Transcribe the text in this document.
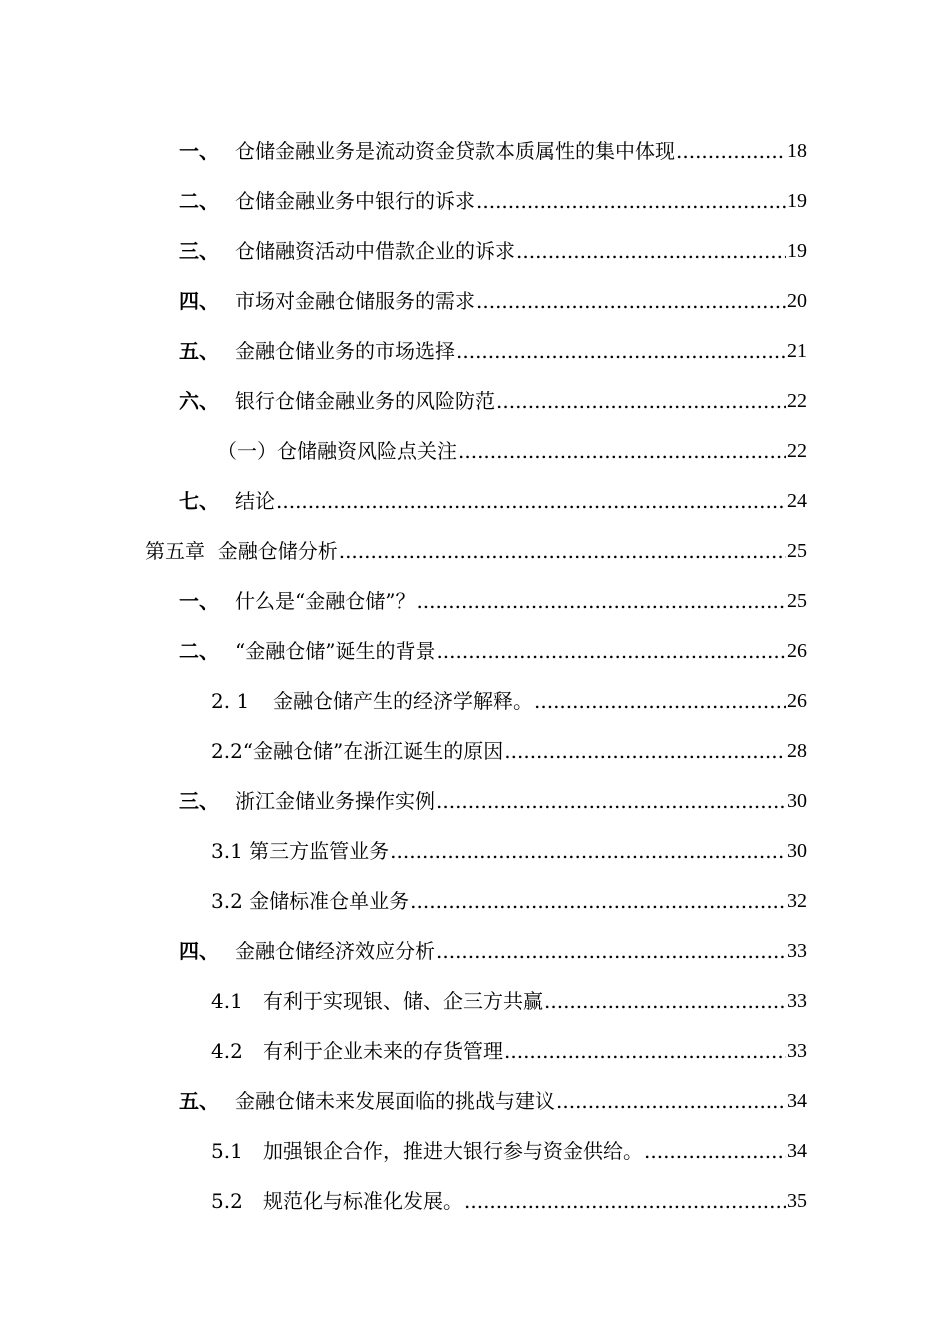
一、 仓储金融业务是流动资金贷款本质属性的集中体现 .....	18
二、 仓储金融业务中银行的诉求 .....	19
三、 仓储融资活动中借款企业的诉求 .....	19
四、 市场对金融仓储服务的需求 .....	20
五、 金融仓储业务的市场选择 .....	21
六、 银行仓储金融业务的风险防范 .....	22
（一）仓储融资风险点关注 .....	22
七、 结论 .....	24
第五章  金融仓储分析 .....	25
一、 什么是“金融仓储”？ .....	25
二、 “金融仓储”诞生的背景 .....	26
2. 1	金融仓储产生的经济学解释。 .....	26
2.2“金融仓储”在浙江诞生的原因 .....	28
三、 浙江金储业务操作实例 .....	30
3.1 第三方监管业务 .....	30
3.2 金储标准仓单业务 .....	32
四、 金融仓储经济效应分析 .....	33
4.1	有利于实现银、储、企三方共赢 .....	33
4.2	有利于企业未来的存货管理 .....	33
五、 金融仓储未来发展面临的挑战与建议 .....	34
5.1	加强银企合作，推进大银行参与资金供给。 .....	34
5.2	规范化与标准化发展。 .....	35
